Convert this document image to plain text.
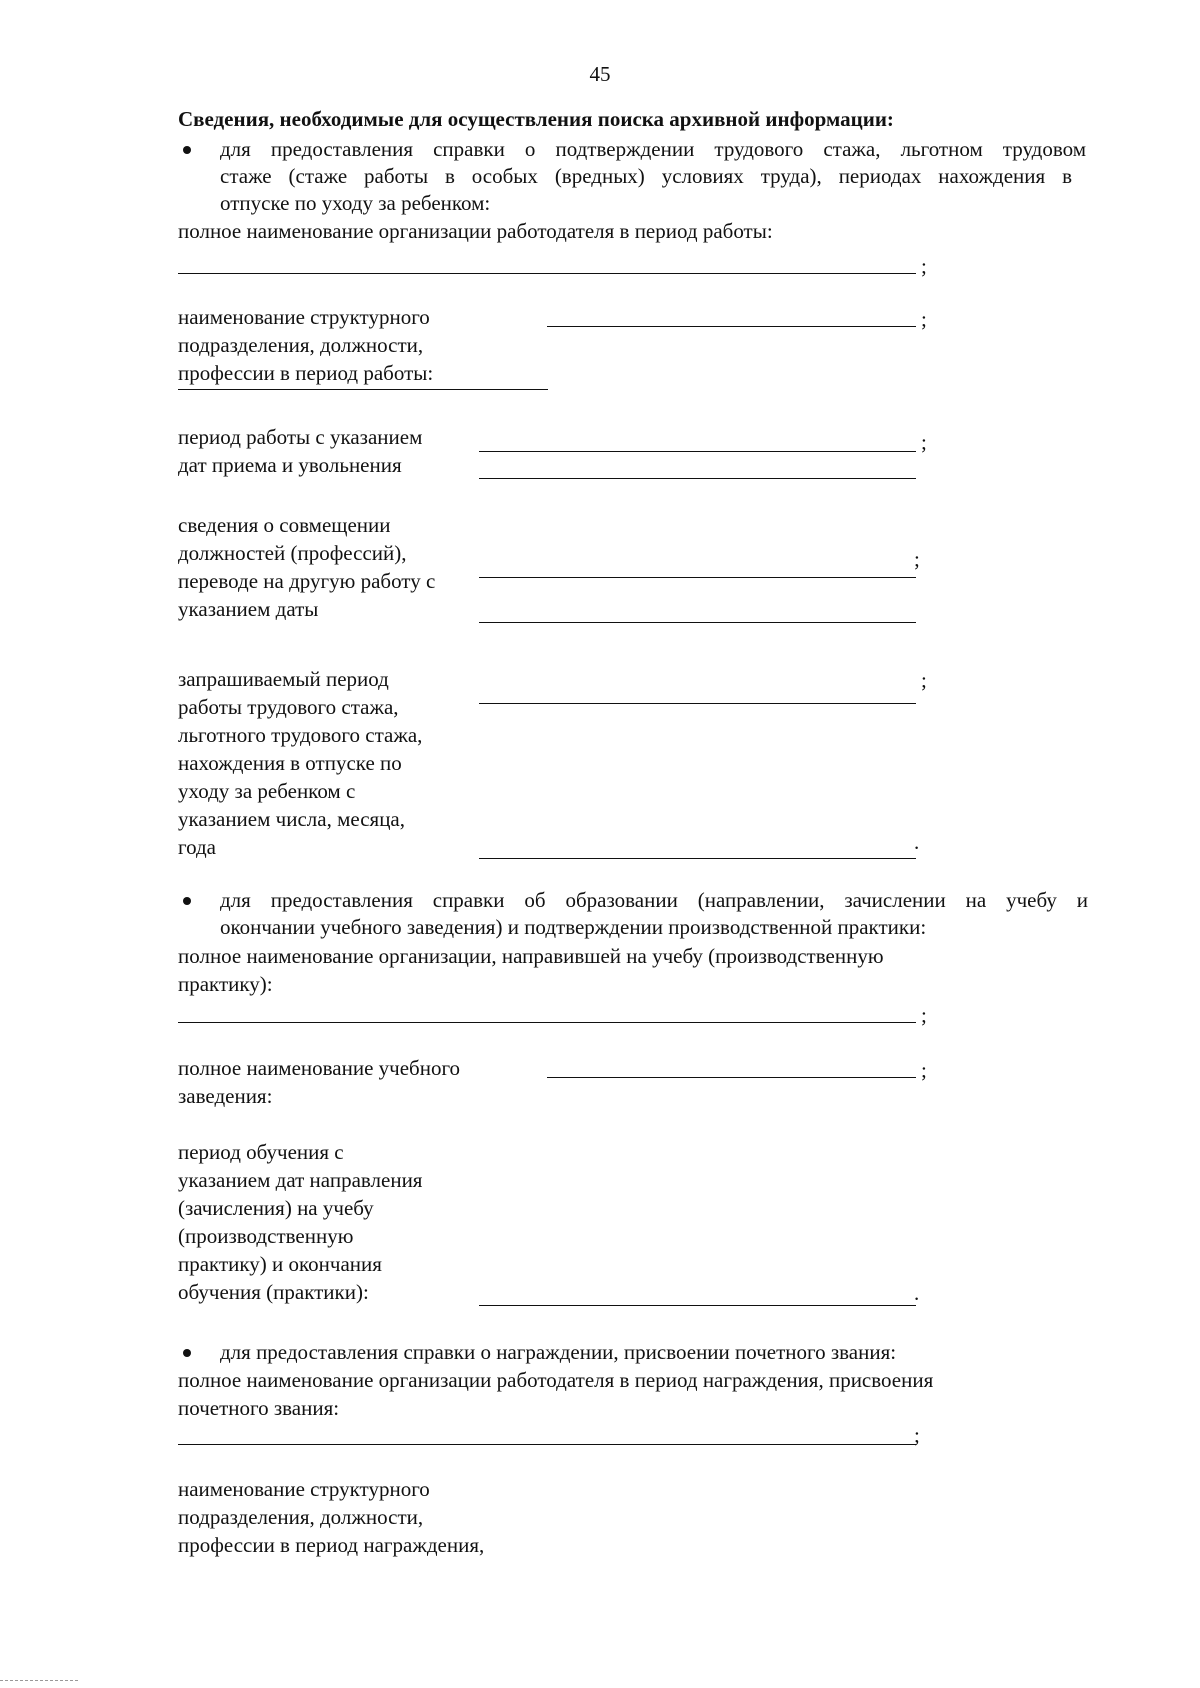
45
Сведения, необходимые для осуществления поиска архивной информации:
для предоставления справки о подтверждении трудового стажа, льготном трудовом
стаже (стаже работы в особых (вредных) условиях труда), периодах нахождения в
отпуске по уходу за ребенком:
полное наименование организации работодателя в период работы:
;
наименование структурного
подразделения, должности,
профессии в период работы:
;
период работы с указанием
дат приема и увольнения
;
сведения о совмещении
должностей (профессий),
переводе на другую работу с
указанием даты
;
запрашиваемый период
работы трудового стажа,
льготного трудового стажа,
нахождения в отпуске по
уходу за ребенком с
указанием числа, месяца,
года
;
.
для предоставления справки об образовании (направлении, зачислении на учебу и
окончании учебного заведения) и подтверждении производственной практики:
полное наименование организации, направившей на учебу (производственную
практику):
;
полное наименование учебного
заведения:
;
период обучения с
указанием дат направления
(зачисления) на учебу
(производственную
практику) и окончания
обучения (практики):	.
для предоставления справки о награждении, присвоении почетного звания:
полное наименование организации работодателя в период награждения, присвоения
почетного звания:
;
наименование структурного
подразделения, должности,
профессии в период награждения,
